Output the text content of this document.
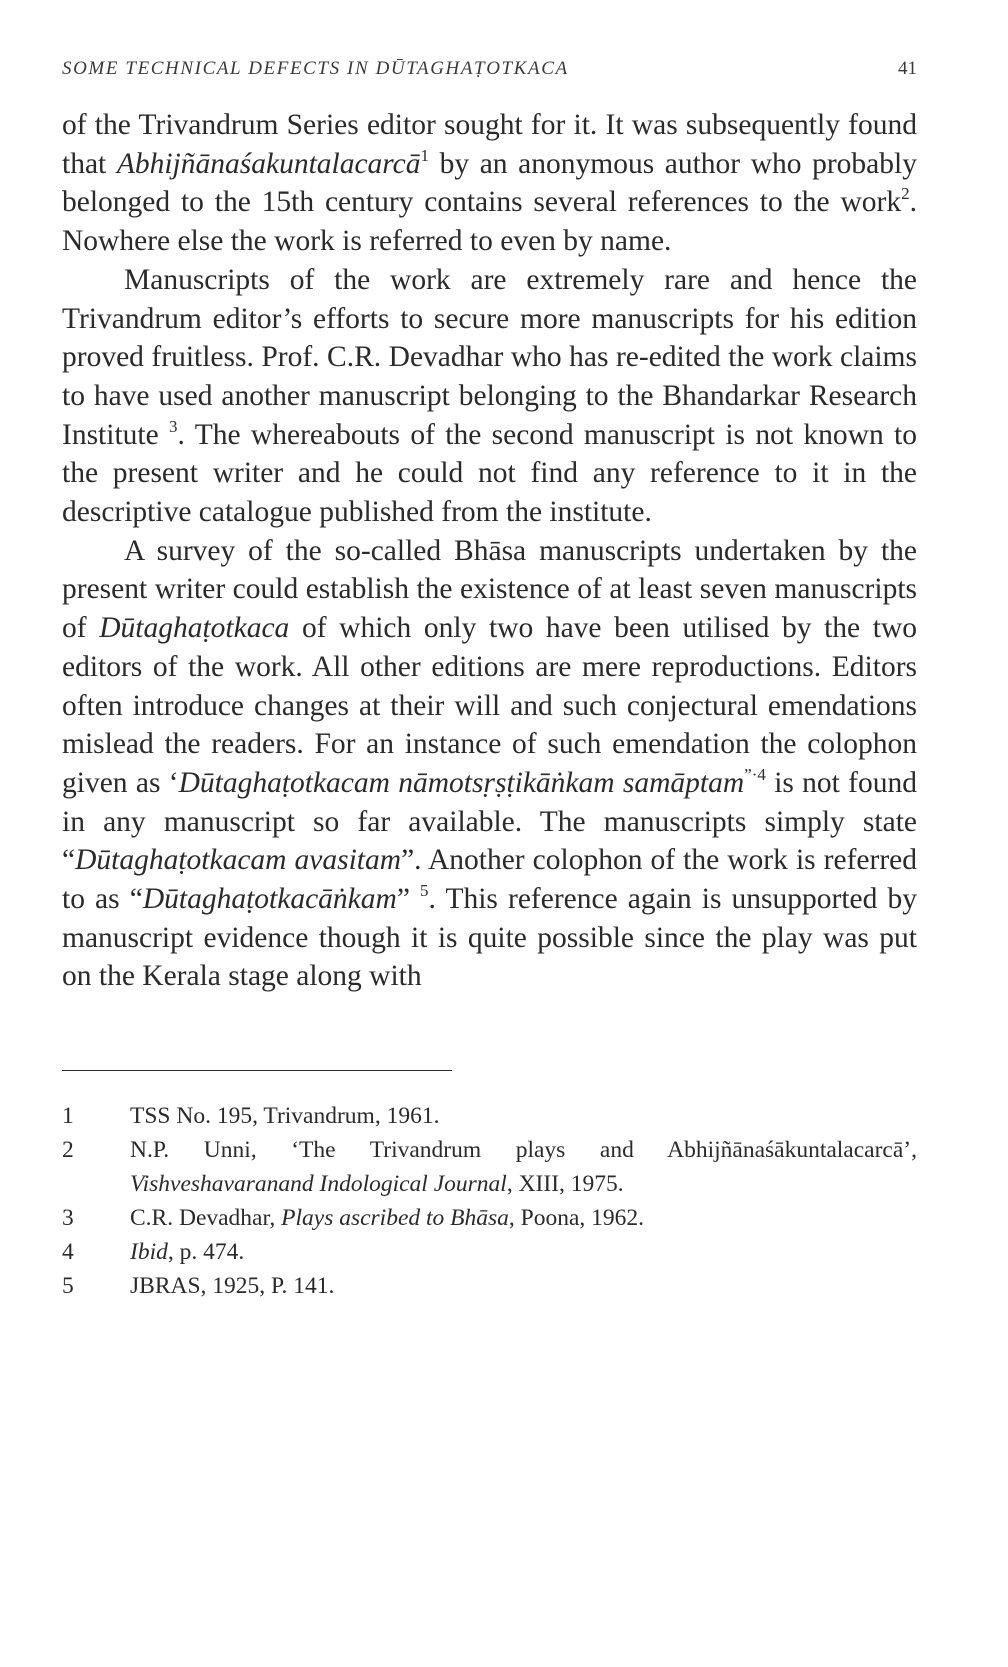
SOME TECHNICAL DEFECTS IN DŪTAGHAṬOTKACA	41

of the Trivandrum Series editor sought for it. It was subsequently found that Abhijñānaśakuntalacarcā$^1$ by an anonymous author who probably belonged to the 15th century contains several references to the work$^2$. Nowhere else the work is referred to even by name.

Manuscripts of the work are extremely rare and hence the Trivandrum editor’s efforts to secure more manuscripts for his edition proved fruitless. Prof. C.R. Devadhar who has re-edited the work claims to have used another manuscript belonging to the Bhandarkar Research Institute $^3$. The whereabouts of the second manuscript is not known to the present writer and he could not find any reference to it in the descriptive catalogue published from the institute.

A survey of the so-called Bhāsa manuscripts undertaken by the present writer could establish the existence of at least seven manuscripts of Dūtaghaṭotkaca of which only two have been utilised by the two editors of the work. All other editions are mere reproductions. Editors often introduce changes at their will and such conjectural emendations mislead the readers. For an instance of such emendation the colophon given as ‘Dūtaghaṭotkacam nāmotsṛṣṭikāṅkam samāptam$^{”\cdot 4}$ is not found in any manuscript so far available. The manuscripts simply state “Dūtaghaṭotkacam avasitam”. Another colophon of the work is referred to as “Dūtaghaṭotkacāṅkam” $^5$. This reference again is unsupported by manuscript evidence though it is quite possible since the play was put on the Kerala stage along with

1	TSS No. 195, Trivandrum, 1961.
2	N.P. Unni, ‘The Trivandrum plays and Abhijñānaśākuntalacarcā’, Vishveshavaranand Indological Journal, XIII, 1975.
3	C.R. Devadhar, Plays ascribed to Bhāsa, Poona, 1962.
4	Ibid, p. 474.
5	JBRAS, 1925, P. 141.
